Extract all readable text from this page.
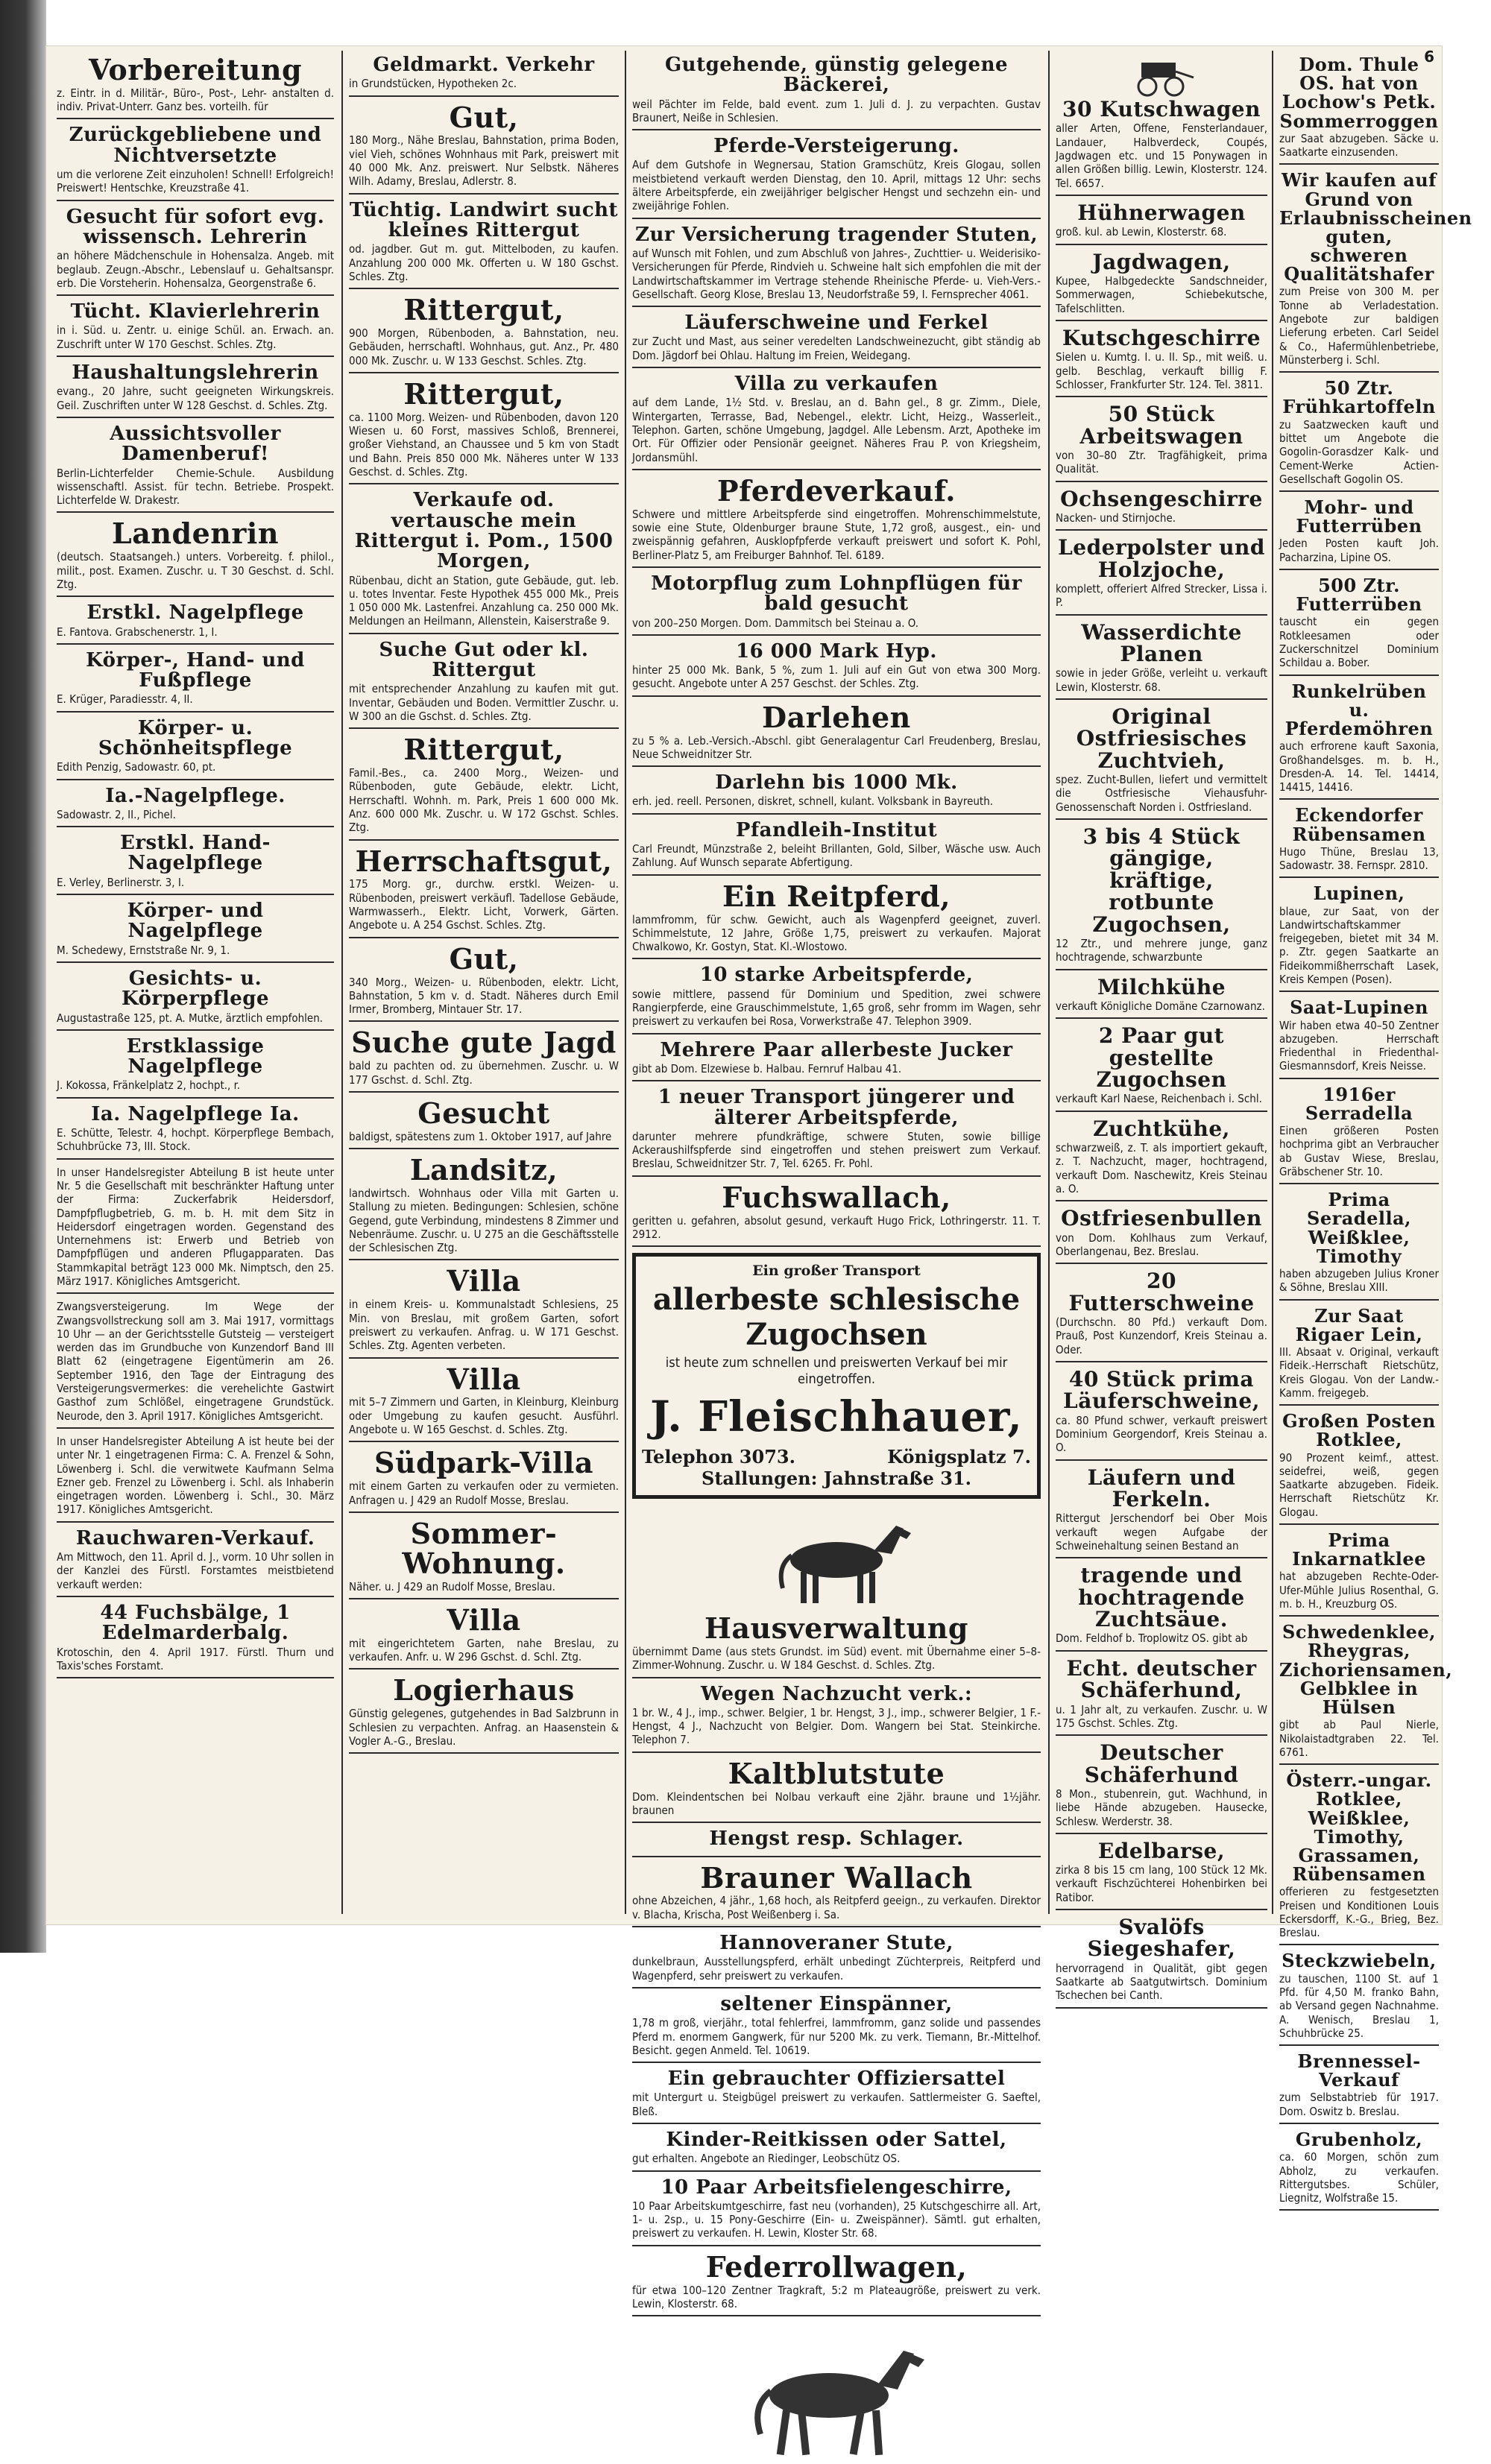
6
Vorbereitung
z. Eintr. in d. Militär-, Büro-, Post-, Lehr- anstalten d. indiv. Privat-Unterr. Ganz bes. vorteilh. für
Zurückgebliebene und Nichtversetzte
um die verlorene Zeit einzuholen! Schnell! Erfolgreich! Preiswert! Hentschke, Kreuzstraße 41.
Gesucht für sofort evg. wissensch. Lehrerin
an höhere Mädchenschule in Hohensalza. Angeb. mit beglaub. Zeugn.-Abschr., Lebenslauf u. Gehaltsanspr. erb. Die Vorsteherin. Hohensalza, Georgenstraße 6.
Tücht. Klavierlehrerin
in i. Süd. u. Zentr. u. einige Schül. an. Erwach. an. Zuschrift unter W 170 Geschst. Schles. Ztg.
Haushaltungslehrerin
evang., 20 Jahre, sucht geeigneten Wirkungskreis. Geil. Zuschriften unter W 128 Geschst. d. Schles. Ztg.
Aussichtsvoller Damenberuf!
Berlin-Lichterfelder Chemie-Schule. Ausbildung wissenschaftl. Assist. für techn. Betriebe. Prospekt. Lichterfelde W. Drakestr.
Landenrin
(deutsch. Staatsangeh.) unters. Vorbereitg. f. philol., milit., post. Examen. Zuschr. u. T 30 Geschst. d. Schl. Ztg.
Erstkl. Nagelpflege
E. Fantova. Grabschenerstr. 1, I.
Körper-, Hand- und Fußpflege
E. Krüger, Paradiesstr. 4, II.
Körper- u. Schönheitspflege
Edith Penzig, Sadowastr. 60, pt.
Ia.-Nagelpflege.
Sadowastr. 2, II., Pichel.
Erstkl. Hand-Nagelpflege
E. Verley, Berlinerstr. 3, I.
Körper- und Nagelpflege
M. Schedewy, Ernststraße Nr. 9, 1.
Gesichts- u. Körperpflege
Augustastraße 125, pt. A. Mutke, ärztlich empfohlen.
Erstklassige Nagelpflege
J. Kokossa, Fränkelplatz 2, hochpt., r.
Ia. Nagelpflege Ia.
E. Schütte, Telestr. 4, hochpt. Körperpflege Bembach, Schuhbrücke 73, III. Stock.
In unser Handelsregister Abteilung B ist heute unter Nr. 5 die Gesellschaft mit beschränkter Haftung unter der Firma: Zuckerfabrik Heidersdorf, Dampfpflugbetrieb, G. m. b. H. mit dem Sitz in Heidersdorf eingetragen worden. Gegenstand des Unternehmens ist: Erwerb und Betrieb von Dampfpflügen und anderen Pflugapparaten. Das Stammkapital beträgt 123 000 Mk. Nimptsch, den 25. März 1917. Königliches Amtsgericht.
Zwangsversteigerung. Im Wege der Zwangsvollstreckung soll am 3. Mai 1917, vormittags 10 Uhr — an der Gerichtsstelle Gutsteig — versteigert werden das im Grundbuche von Kunzendorf Band III Blatt 62 (eingetragene Eigentümerin am 26. September 1916, den Tage der Eintragung des Versteigerungsvermerkes: die verehelichte Gastwirt Gasthof zum Schlößel, eingetragene Grundstück. Neurode, den 3. April 1917. Königliches Amtsgericht.
In unser Handelsregister Abteilung A ist heute bei der unter Nr. 1 eingetragenen Firma: C. A. Frenzel & Sohn, Löwenberg i. Schl. die verwitwete Kaufmann Selma Ezner geb. Frenzel zu Löwenberg i. Schl. als Inhaberin eingetragen worden. Löwenberg i. Schl., 30. März 1917. Königliches Amtsgericht.
Rauchwaren-Verkauf.
Am Mittwoch, den 11. April d. J., vorm. 10 Uhr sollen in der Kanzlei des Fürstl. Forstamtes meistbietend verkauft werden:
44 Fuchsbälge, 1 Edelmarderbalg.
Krotoschin, den 4. April 1917. Fürstl. Thurn und Taxis'sches Forstamt.
Geldmarkt. Verkehr
in Grundstücken, Hypotheken 2c.
Gut,
180 Morg., Nähe Breslau, Bahnstation, prima Boden, viel Vieh, schönes Wohnhaus mit Park, preiswert mit 40 000 Mk. Anz. preiswert. Nur Selbstk. Näheres Wilh. Adamy, Breslau, Adlerstr. 8.
Tüchtig. Landwirt sucht kleines Rittergut
od. jagdber. Gut m. gut. Mittelboden, zu kaufen. Anzahlung 200 000 Mk. Offerten u. W 180 Gschst. Schles. Ztg.
Rittergut,
900 Morgen, Rübenboden, a. Bahnstation, neu. Gebäuden, herrschaftl. Wohnhaus, gut. Anz., Pr. 480 000 Mk. Zuschr. u. W 133 Geschst. Schles. Ztg.
Rittergut,
ca. 1100 Morg. Weizen- und Rübenboden, davon 120 Wiesen u. 60 Forst, massives Schloß, Brennerei, großer Viehstand, an Chaussee und 5 km von Stadt und Bahn. Preis 850 000 Mk. Näheres unter W 133 Geschst. d. Schles. Ztg.
Verkaufe od. vertausche mein Rittergut i. Pom., 1500 Morgen,
Rübenbau, dicht an Station, gute Gebäude, gut. leb. u. totes Inventar. Feste Hypothek 455 000 Mk., Preis 1 050 000 Mk. Lastenfrei. Anzahlung ca. 250 000 Mk. Meldungen an Heilmann, Allenstein, Kaiserstraße 9.
Suche Gut oder kl. Rittergut
mit entsprechender Anzahlung zu kaufen mit gut. Inventar, Gebäuden und Boden. Vermittler Zuschr. u. W 300 an die Gschst. d. Schles. Ztg.
Rittergut,
Famil.-Bes., ca. 2400 Morg., Weizen- und Rübenboden, gute Gebäude, elektr. Licht, Herrschaftl. Wohnh. m. Park, Preis 1 600 000 Mk. Anz. 600 000 Mk. Zuschr. u. W 172 Gschst. Schles. Ztg.
Herrschaftsgut,
175 Morg. gr., durchw. erstkl. Weizen- u. Rübenboden, preiswert verkäufl. Tadellose Gebäude, Warmwasserh., Elektr. Licht, Vorwerk, Gärten. Angebote u. A 254 Gschst. Schles. Ztg.
Gut,
340 Morg., Weizen- u. Rübenboden, elektr. Licht, Bahnstation, 5 km v. d. Stadt. Näheres durch Emil Irmer, Bromberg, Mintauer Str. 17.
Suche gute Jagd
bald zu pachten od. zu übernehmen. Zuschr. u. W 177 Gschst. d. Schl. Ztg.
Gesucht
baldigst, spätestens zum 1. Oktober 1917, auf Jahre
Landsitz,
landwirtsch. Wohnhaus oder Villa mit Garten u. Stallung zu mieten. Bedingungen: Schlesien, schöne Gegend, gute Verbindung, mindestens 8 Zimmer und Nebenräume. Zuschr. u. U 275 an die Geschäftsstelle der Schlesischen Ztg.
Villa
in einem Kreis- u. Kommunalstadt Schlesiens, 25 Min. von Breslau, mit großem Garten, sofort preiswert zu verkaufen. Anfrag. u. W 171 Geschst. Schles. Ztg. Agenten verbeten.
Villa
mit 5–7 Zimmern und Garten, in Kleinburg, Kleinburg oder Umgebung zu kaufen gesucht. Ausführl. Angebote u. W 165 Geschst. d. Schles. Ztg.
Südpark-Villa
mit einem Garten zu verkaufen oder zu vermieten. Anfragen u. J 429 an Rudolf Mosse, Breslau.
Sommer-Wohnung.
Näher. u. J 429 an Rudolf Mosse, Breslau.
Villa
mit eingerichtetem Garten, nahe Breslau, zu verkaufen. Anfr. u. W 296 Gschst. d. Schl. Ztg.
Logierhaus
Günstig gelegenes, gutgehendes in Bad Salzbrunn in Schlesien zu verpachten. Anfrag. an Haasenstein & Vogler A.-G., Breslau.
Gutgehende, günstig gelegene Bäckerei,
weil Pächter im Felde, bald event. zum 1. Juli d. J. zu verpachten. Gustav Braunert, Neiße in Schlesien.
Pferde-Versteigerung.
Auf dem Gutshofe in Wegnersau, Station Gramschütz, Kreis Glogau, sollen meistbietend verkauft werden Dienstag, den 10. April, mittags 12 Uhr: sechs ältere Arbeitspferde, ein zweijähriger belgischer Hengst und sechzehn ein- und zweijährige Fohlen.
Zur Versicherung tragender Stuten,
auf Wunsch mit Fohlen, und zum Abschluß von Jahres-, Zuchttier- u. Weiderisiko-Versicherungen für Pferde, Rindvieh u. Schweine halt sich empfohlen die mit der Landwirtschaftskammer im Vertrage stehende Rheinische Pferde- u. Vieh-Vers.-Gesellschaft. Georg Klose, Breslau 13, Neudorfstraße 59, I. Fernsprecher 4061.
Läuferschweine und Ferkel
zur Zucht und Mast, aus seiner veredelten Landschweinezucht, gibt ständig ab Dom. Jägdorf bei Ohlau. Haltung im Freien, Weidegang.
Villa zu verkaufen
auf dem Lande, 1½ Std. v. Breslau, an d. Bahn gel., 8 gr. Zimm., Diele, Wintergarten, Terrasse, Bad, Nebengel., elektr. Licht, Heizg., Wasserleit., Telephon. Garten, schöne Umgebung, Jagdgel. Alle Lebensm. Arzt, Apotheke im Ort. Für Offizier oder Pensionär geeignet. Näheres Frau P. von Kriegsheim, Jordansmühl.
Pferdeverkauf.
Schwere und mittlere Arbeitspferde sind eingetroffen. Mohrenschimmelstute, sowie eine Stute, Oldenburger braune Stute, 1,72 groß, ausgest., ein- und zweispännig gefahren, Ausklopfpferde verkauft preiswert und sofort K. Pohl, Berliner-Platz 5, am Freiburger Bahnhof. Tel. 6189.
Motorpflug zum Lohnpflügen für bald gesucht
von 200–250 Morgen. Dom. Dammitsch bei Steinau a. O.
16 000 Mark Hyp.
hinter 25 000 Mk. Bank, 5 %, zum 1. Juli auf ein Gut von etwa 300 Morg. gesucht. Angebote unter A 257 Geschst. der Schles. Ztg.
Darlehen
zu 5 % a. Leb.-Versich.-Abschl. gibt Generalagentur Carl Freudenberg, Breslau, Neue Schweidnitzer Str.
Darlehn bis 1000 Mk.
erh. jed. reell. Personen, diskret, schnell, kulant. Volksbank in Bayreuth.
Pfandleih-Institut
Carl Freundt, Münzstraße 2, beleiht Brillanten, Gold, Silber, Wäsche usw. Auch Zahlung. Auf Wunsch separate Abfertigung.
Ein Reitpferd,
lammfromm, für schw. Gewicht, auch als Wagenpferd geeignet, zuverl. Schimmelstute, 12 Jahre, Größe 1,75, preiswert zu verkaufen. Majorat Chwalkowo, Kr. Gostyn, Stat. Kl.-Wlostowo.
10 starke Arbeitspferde,
sowie mittlere, passend für Dominium und Spedition, zwei schwere Rangierpferde, eine Grauschimmelstute, 1,65 groß, sehr fromm im Wagen, sehr preiswert zu verkaufen bei Rosa, Vorwerkstraße 47. Telephon 3909.
Mehrere Paar allerbeste Jucker
gibt ab Dom. Elzewiese b. Halbau. Fernruf Halbau 41.
1 neuer Transport jüngerer und älterer Arbeitspferde,
darunter mehrere pfundkräftige, schwere Stuten, sowie billige Ackeraushilfspferde sind eingetroffen und stehen preiswert zum Verkauf. Breslau, Schweidnitzer Str. 7, Tel. 6265. Fr. Pohl.
Fuchswallach,
geritten u. gefahren, absolut gesund, verkauft Hugo Frick, Lothringerstr. 11. T. 2912.
Ein großer Transport
allerbeste schlesische Zugochsen
ist heute zum schnellen und preiswerten Verkauf bei mir eingetroffen.
J. Fleischhauer,
Telephon 3073.	Königsplatz 7.
Stallungen: Jahnstraße 31.
Hausverwaltung
übernimmt Dame (aus stets Grundst. im Süd) event. mit Übernahme einer 5–8-Zimmer-Wohnung. Zuschr. u. W 184 Geschst. d. Schles. Ztg.
Wegen Nachzucht verk.:
1 br. W., 4 J., imp., schwer. Belgier, 1 br. Hengst, 3 J., imp., schwerer Belgier, 1 F.-Hengst, 4 J., Nachzucht von Belgier. Dom. Wangern bei Stat. Steinkirche. Telephon 7.
Kaltblutstute
Dom. Kleindentschen bei Nolbau verkauft eine 2jähr. braune und 1½jähr. braunen
Hengst resp. Schlager.
Brauner Wallach
ohne Abzeichen, 4 jähr., 1,68 hoch, als Reitpferd geeign., zu verkaufen. Direktor v. Blacha, Krischa, Post Weißenberg i. Sa.
Hannoveraner Stute,
dunkelbraun, Ausstellungspferd, erhält unbedingt Züchterpreis, Reitpferd und Wagenpferd, sehr preiswert zu verkaufen.
seltener Einspänner,
1,78 m groß, vierjähr., total fehlerfrei, lammfromm, ganz solide und passendes Pferd m. enormem Gangwerk, für nur 5200 Mk. zu verk. Tiemann, Br.-Mittelhof. Besicht. gegen Anmeld. Tel. 10619.
Ein gebrauchter Offiziersattel
mit Untergurt u. Steigbügel preiswert zu verkaufen. Sattlermeister G. Saeftel, Bleß.
Kinder-Reitkissen oder Sattel,
gut erhalten. Angebote an Riedinger, Leobschütz OS.
10 Paar Arbeitsfielengeschirre,
10 Paar Arbeitskumtgeschirre, fast neu (vorhanden), 25 Kutschgeschirre all. Art, 1- u. 2sp., u. 15 Pony-Geschirre (Ein- u. Zweispänner). Sämtl. gut erhalten, preiswert zu verkaufen. H. Lewin, Kloster Str. 68.
Federrollwagen,
für etwa 100–120 Zentner Tragkraft, 5:2 m Plateaugröße, preiswert zu verk. Lewin, Klosterstr. 68.
30 Kutschwagen
aller Arten, Offene, Fensterlandauer, Landauer, Halbverdeck, Coupés, Jagdwagen etc. und 15 Ponywagen in allen Größen billig. Lewin, Klosterstr. 124. Tel. 6657.
Hühnerwagen
groß. kul. ab Lewin, Klosterstr. 68.
Jagdwagen,
Kupee, Halbgedeckte Sandschneider, Sommerwagen, Schiebekutsche, Tafelschlitten.
Kutschgeschirre
Sielen u. Kumtg. I. u. II. Sp., mit weiß. u. gelb. Beschlag, verkauft billig F. Schlosser, Frankfurter Str. 124. Tel. 3811.
50 Stück Arbeitswagen
von 30–80 Ztr. Tragfähigkeit, prima Qualität.
Ochsengeschirre
Nacken- und Stirnjoche.
Lederpolster und Holzjoche,
komplett, offeriert Alfred Strecker, Lissa i. P.
Wasserdichte Planen
sowie in jeder Größe, verleiht u. verkauft Lewin, Klosterstr. 68.
Original Ostfriesisches Zuchtvieh,
spez. Zucht-Bullen, liefert und vermittelt die Ostfriesische Viehausfuhr-Genossenschaft Norden i. Ostfriesland.
3 bis 4 Stück gängige, kräftige, rotbunte Zugochsen,
12 Ztr., und mehrere junge, ganz hochtragende, schwarzbunte
Milchkühe
verkauft Königliche Domäne Czarnowanz.
2 Paar gut gestellte Zugochsen
verkauft Karl Naese, Reichenbach i. Schl.
Zuchtkühe,
schwarzweiß, z. T. als importiert gekauft, z. T. Nachzucht, mager, hochtragend, verkauft Dom. Naschewitz, Kreis Steinau a. O.
Ostfriesenbullen
von Dom. Kohlhaus zum Verkauf, Oberlangenau, Bez. Breslau.
20 Futterschweine
(Durchschn. 80 Pfd.) verkauft Dom. Prauß, Post Kunzendorf, Kreis Steinau a. Oder.
40 Stück prima Läuferschweine,
ca. 80 Pfund schwer, verkauft preiswert Dominium Georgendorf, Kreis Steinau a. O.
Läufern und Ferkeln.
Rittergut Jerschendorf bei Ober Mois verkauft wegen Aufgabe der Schweinehaltung seinen Bestand an
tragende und hochtragende Zuchtsäue.
Dom. Feldhof b. Troplowitz OS. gibt ab
Echt. deutscher Schäferhund,
u. 1 Jahr alt, zu verkaufen. Zuschr. u. W 175 Gschst. Schles. Ztg.
Deutscher Schäferhund
8 Mon., stubenrein, gut. Wachhund, in liebe Hände abzugeben. Hausecke, Schlesw. Werderstr. 38.
Edelbarse,
zirka 8 bis 15 cm lang, 100 Stück 12 Mk. verkauft Fischzüchterei Hohenbirken bei Ratibor.
Svalöfs Siegeshafer,
hervorragend in Qualität, gibt gegen Saatkarte ab Saatgutwirtsch. Dominium Tschechen bei Canth.
Dom. Thule OS. hat von Lochow's Petk. Sommerroggen
zur Saat abzugeben. Säcke u. Saatkarte einzusenden.
Wir kaufen auf Grund von Erlaubnisscheinen guten, schweren Qualitätshafer
zum Preise von 300 M. per Tonne ab Verladestation. Angebote zur baldigen Lieferung erbeten. Carl Seidel & Co., Hafermühlenbetriebe, Münsterberg i. Schl.
50 Ztr. Frühkartoffeln
zu Saatzwecken kauft und bittet um Angebote die Gogolin-Gorasdzer Kalk- und Cement-Werke Actien-Gesellschaft Gogolin OS.
Mohr- und Futterrüben
Jeden Posten kauft Joh. Pacharzina, Lipine OS.
500 Ztr. Futterrüben
tauscht ein gegen Rotkleesamen oder Zuckerschnitzel Dominium Schildau a. Bober.
Runkelrüben u. Pferdemöhren
auch erfrorene kauft Saxonia, Großhandelsges. m. b. H., Dresden-A. 14. Tel. 14414, 14415, 14416.
Eckendorfer Rübensamen
Hugo Thüne, Breslau 13, Sadowastr. 38. Fernspr. 2810.
Lupinen,
blaue, zur Saat, von der Landwirtschaftskammer freigegeben, bietet mit 34 M. p. Ztr. gegen Saatkarte an Fideikommißherrschaft Lasek, Kreis Kempen (Posen).
Saat-Lupinen
Wir haben etwa 40–50 Zentner abzugeben. Herrschaft Friedenthal in Friedenthal-Giesmannsdorf, Kreis Neisse.
1916er Serradella
Einen größeren Posten hochprima gibt an Verbraucher ab Gustav Wiese, Breslau, Gräbschener Str. 10.
Prima Seradella, Weißklee, Timothy
haben abzugeben Julius Kroner & Söhne, Breslau XIII.
Zur Saat Rigaer Lein,
III. Absaat v. Original, verkauft Fideik.-Herrschaft Rietschütz, Kreis Glogau. Von der Landw.-Kamm. freigegeb.
Großen Posten Rotklee,
90 Prozent keimf., attest. seidefrei, weiß, gegen Saatkarte abzugeben. Fideik. Herrschaft Rietschütz Kr. Glogau.
Prima Inkarnatklee
hat abzugeben Rechte-Oder-Ufer-Mühle Julius Rosenthal, G. m. b. H., Kreuzburg OS.
Schwedenklee, Rheygras, Zichoriensamen, Gelbklee in Hülsen
gibt ab Paul Nierle, Nikolaistadtgraben 22. Tel. 6761.
Österr.-ungar. Rotklee, Weißklee, Timothy, Grassamen, Rübensamen
offerieren zu festgesetzten Preisen und Konditionen Louis Eckersdorff, K.-G., Brieg, Bez. Breslau.
Steckzwiebeln,
zu tauschen, 1100 St. auf 1 Pfd. für 4,50 M. franko Bahn, ab Versand gegen Nachnahme. A. Wenisch, Breslau 1, Schuhbrücke 25.
Brennessel-Verkauf
zum Selbstabtrieb für 1917. Dom. Oswitz b. Breslau.
Grubenholz,
ca. 60 Morgen, schön zum Abholz, zu verkaufen. Rittergutsbes. Schüler, Liegnitz, Wolfstraße 15.
